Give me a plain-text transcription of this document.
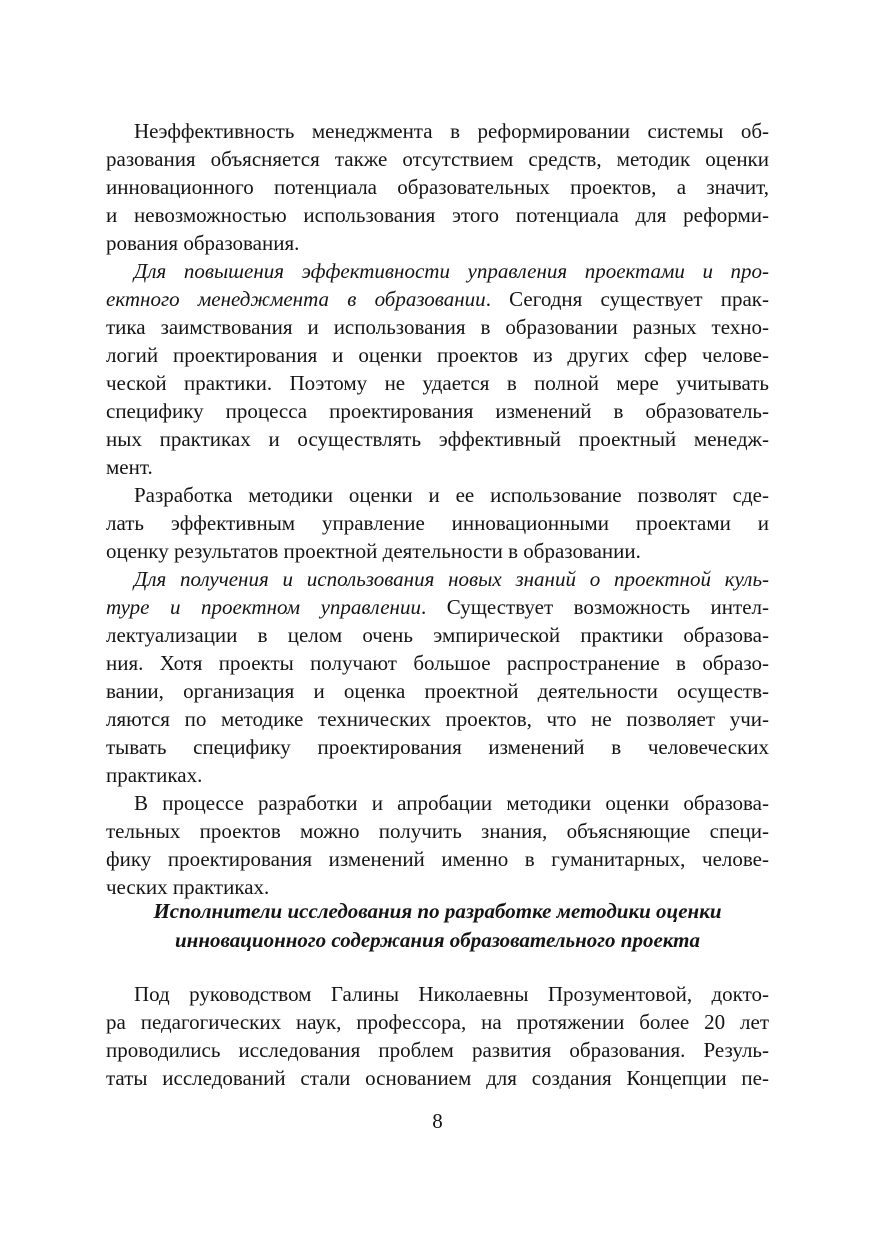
Неэффективность менеджмента в реформировании системы об-
разования объясняется также отсутствием средств, методик оценки
инновационного потенциала образовательных проектов, а значит,
и невозможностью использования этого потенциала для реформи-
рования образования.
Для повышения эффективности управления проектами и про-
ектного менеджмента в образовании. Сегодня существует прак-
тика заимствования и использования в образовании разных техно-
логий проектирования и оценки проектов из других сфер челове-
ческой практики. Поэтому не удается в полной мере учитывать
специфику процесса проектирования изменений в образователь-
ных практиках и осуществлять эффективный проектный менедж-
мент.
Разработка методики оценки и ее использование позволят сде-
лать эффективным управление инновационными проектами и
оценку результатов проектной деятельности в образовании.
Для получения и использования новых знаний о проектной куль-
туре и проектном управлении. Существует возможность интел-
лектуализации в целом очень эмпирической практики образова-
ния. Хотя проекты получают большое распространение в образо-
вании, организация и оценка проектной деятельности осуществ-
ляются по методике технических проектов, что не позволяет учи-
тывать специфику проектирования изменений в человеческих
практиках.
В процессе разработки и апробации методики оценки образова-
тельных проектов можно получить знания, объясняющие специ-
фику проектирования изменений именно в гуманитарных, челове-
ческих практиках.
Исполнители исследования по разработке методики оценки
инновационного содержания образовательного проекта
Под руководством Галины Николаевны Прозументовой, докто-
ра педагогических наук, профессора, на протяжении более 20 лет
проводились исследования проблем развития образования. Резуль-
таты исследований стали основанием для создания Концепции пе-
8
